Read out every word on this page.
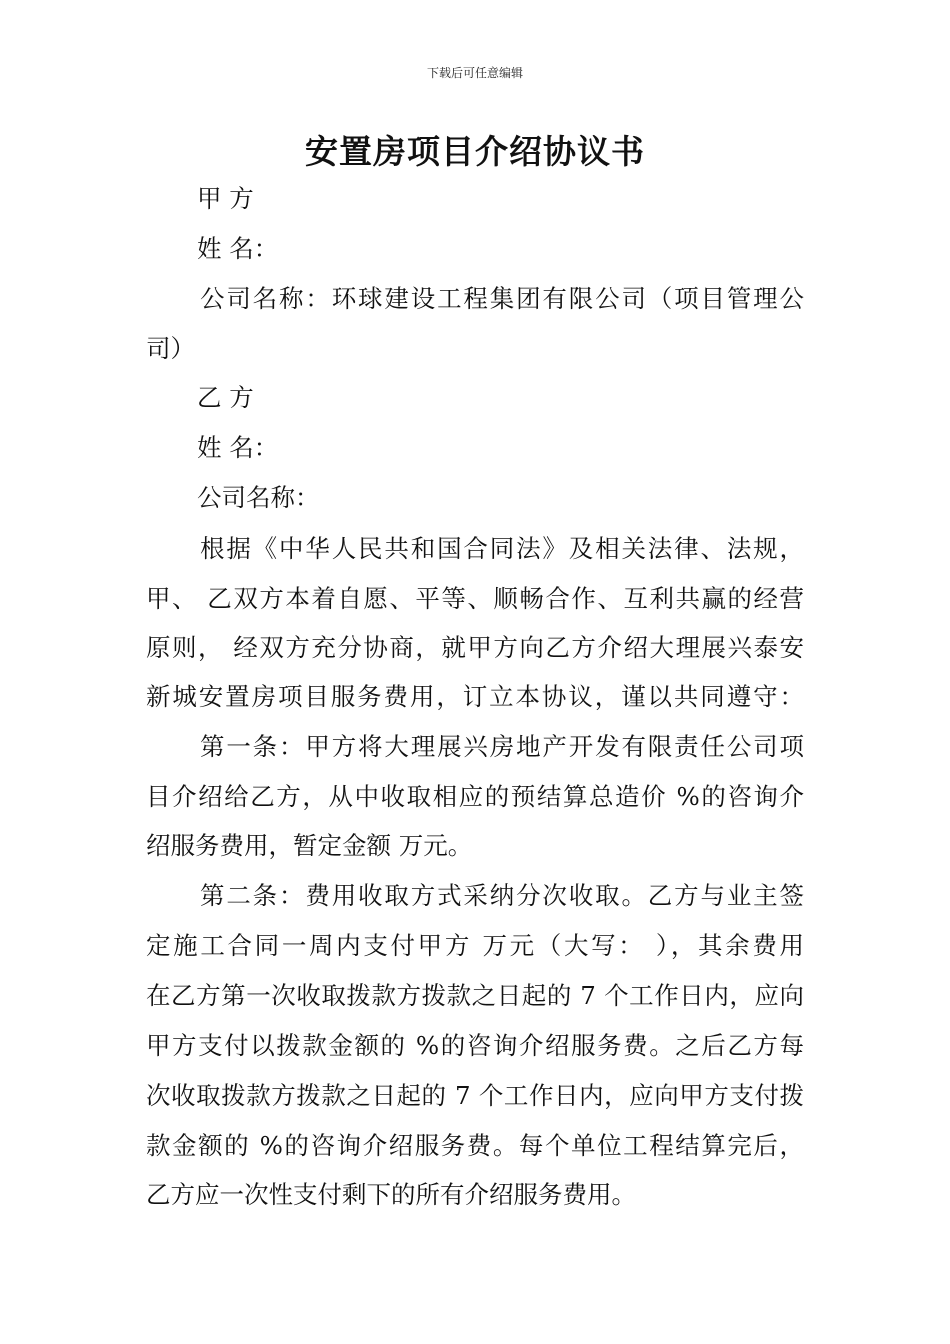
下载后可任意编辑
安置房项目介绍协议书
甲 方
姓 名：
公司名称：环球建设工程集团有限公司（项目管理公
司）
乙 方
姓 名：
公司名称：
根据《中华人民共和国合同法》及相关法律、法规，
甲、 乙双方本着自愿、平等、顺畅合作、互利共赢的经营
原则， 经双方充分协商，就甲方向乙方介绍大理展兴泰安
新城安置房项目服务费用，订立本协议，谨以共同遵守：
第一条：甲方将大理展兴房地产开发有限责任公司项
目介绍给乙方，从中收取相应的预结算总造价 %的咨询介
绍服务费用，暂定金额 万元。
第二条：费用收取方式采纳分次收取。乙方与业主签
定施工合同一周内支付甲方 万元（大写： ），其余费用
在乙方第一次收取拨款方拨款之日起的 7 个工作日内，应向
甲方支付以拨款金额的 %的咨询介绍服务费。之后乙方每
次收取拨款方拨款之日起的 7 个工作日内，应向甲方支付拨
款金额的 %的咨询介绍服务费。每个单位工程结算完后，
乙方应一次性支付剩下的所有介绍服务费用。
